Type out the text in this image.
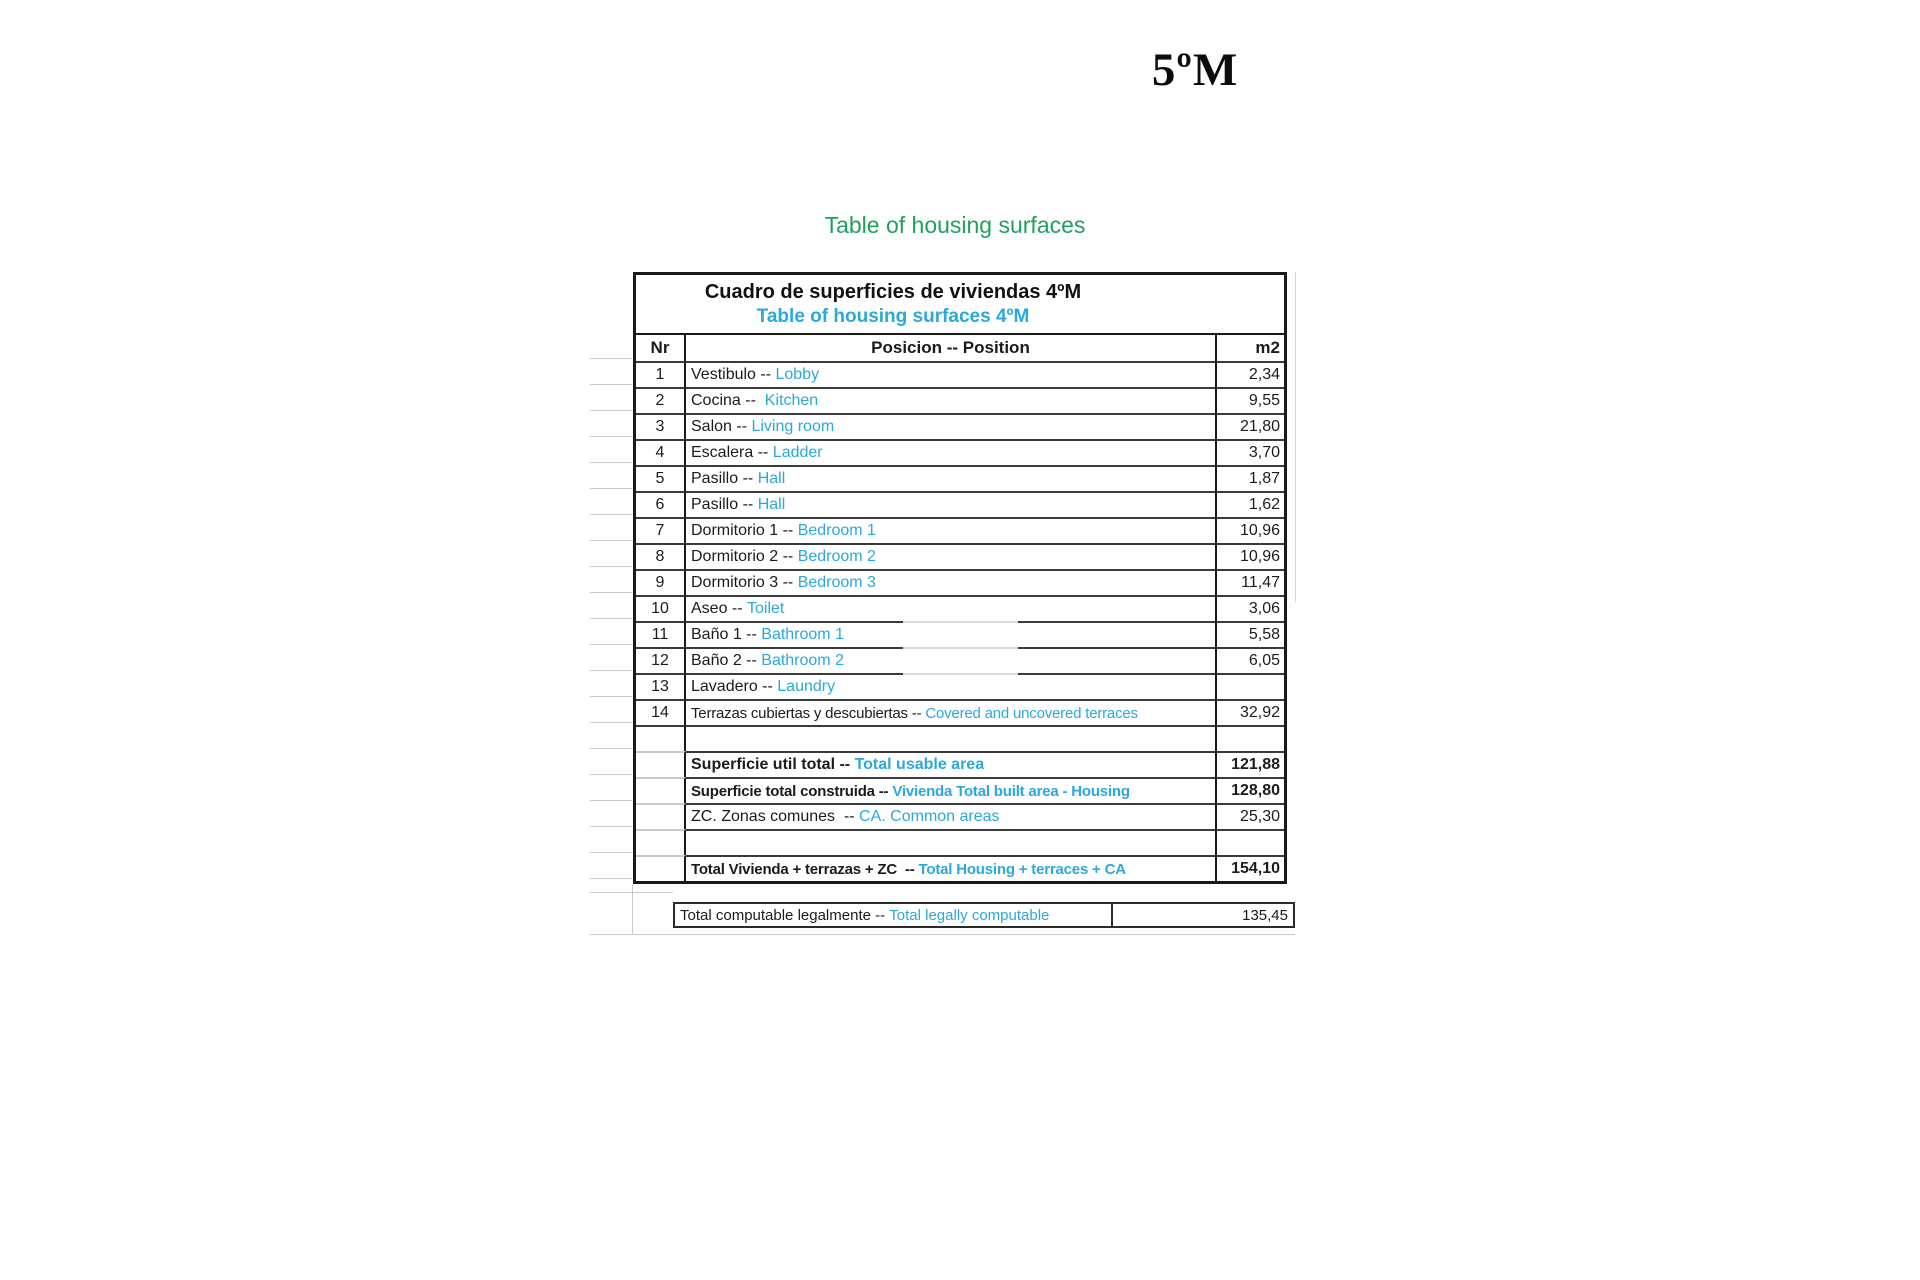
5ºM
Table of housing surfaces
Cuadro de superficies de viviendas 4ºM
Table of housing surfaces 4ºM
Nr	Posicion -- Position	m2
1	Vestibulo -- Lobby	2,34
2	Cocina -- Kitchen	9,55
3	Salon -- Living room	21,80
4	Escalera -- Ladder	3,70
5	Pasillo -- Hall	1,87
6	Pasillo -- Hall	1,62
7	Dormitorio 1 -- Bedroom 1	10,96
8	Dormitorio 2 -- Bedroom 2	10,96
9	Dormitorio 3 -- Bedroom 3	11,47
10	Aseo -- Toilet	3,06
11	Baño 1 -- Bathroom 1	5,58
12	Baño 2 -- Bathroom 2	6,05
13	Lavadero -- Laundry
14	Terrazas cubiertas y descubiertas -- Covered and uncovered terraces	32,92
Superficie util total -- Total usable area	121,88
Superficie total construida -- Vivienda Total built area - Housing	128,80
ZC. Zonas comunes  -- CA. Common areas	25,30
Total Vivienda + terrazas + ZC  -- Total Housing + terraces + CA	154,10
Total computable legalmente -- Total legally computable	135,45
